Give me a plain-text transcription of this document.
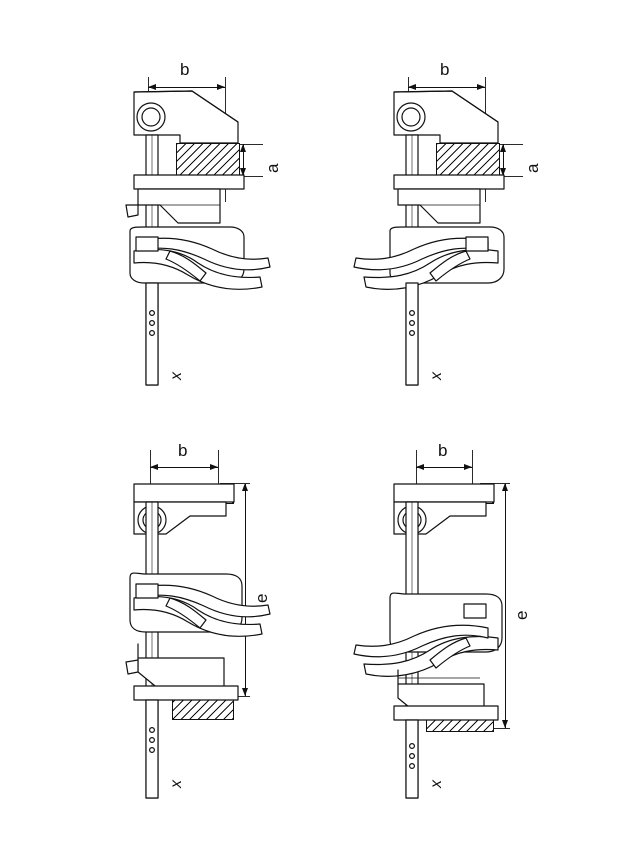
b
a
x
b
a
x
b
e
x
b
e
x
